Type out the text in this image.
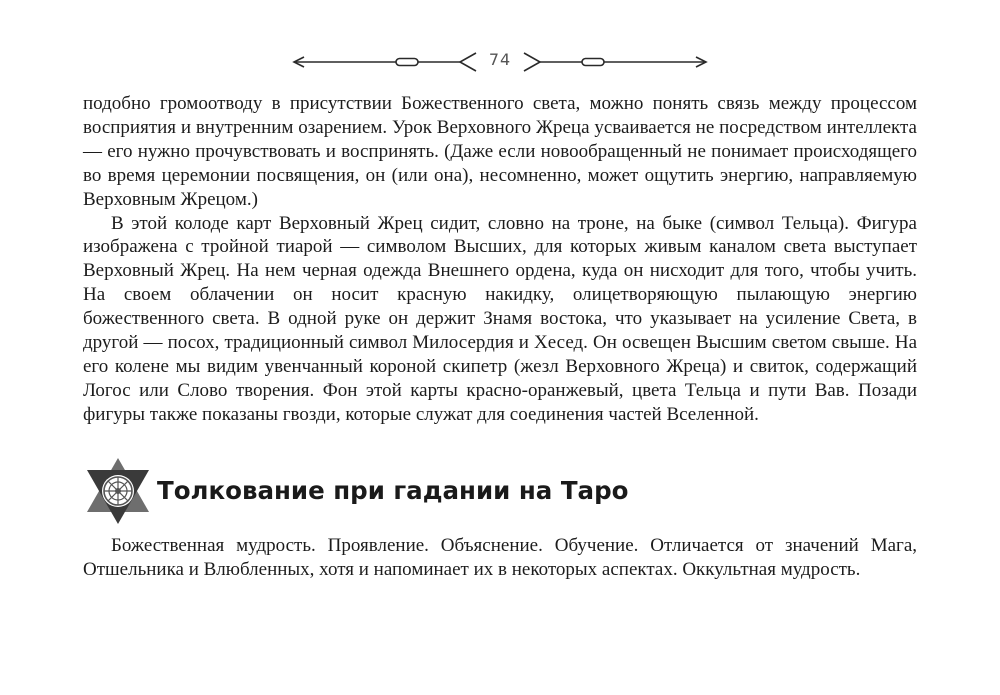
74

подобно громоотводу в присутствии Божественного света, можно понять связь между процессом восприятия и внутренним озарением. Урок Верховного Жреца усваивается не посредством интеллекта — его нужно прочувствовать и воспринять. (Даже если новообращенный не понимает происходящего во время церемонии посвящения, он (или она), несомненно, может ощутить энергию, направляемую Верховным Жрецом.)

В этой колоде карт Верховный Жрец сидит, словно на троне, на быке (символ Тельца). Фигура изображена с тройной тиарой — символом Высших, для которых живым каналом света выступает Верховный Жрец. На нем черная одежда Внешнего ордена, куда он нисходит для того, чтобы учить. На своем облачении он носит красную накидку, олицетворяющую пылающую энергию божественного света. В одной руке он держит Знамя востока, что указывает на усиление Света, в другой — посох, традиционный символ Милосердия и Хесед. Он освещен Высшим светом свыше. На его колене мы видим увенчанный короной скипетр (жезл Верховного Жреца) и свиток, содержащий Логос или Слово творения. Фон этой карты красно-оранжевый, цвета Тельца и пути Вав. Позади фигуры также показаны гвозди, которые служат для соединения частей Вселенной.

Толкование при гадании на Таро

Божественная мудрость. Проявление. Объяснение. Обучение. Отличается от значений Мага, Отшельника и Влюбленных, хотя и напоминает их в некоторых аспектах. Оккультная мудрость.
